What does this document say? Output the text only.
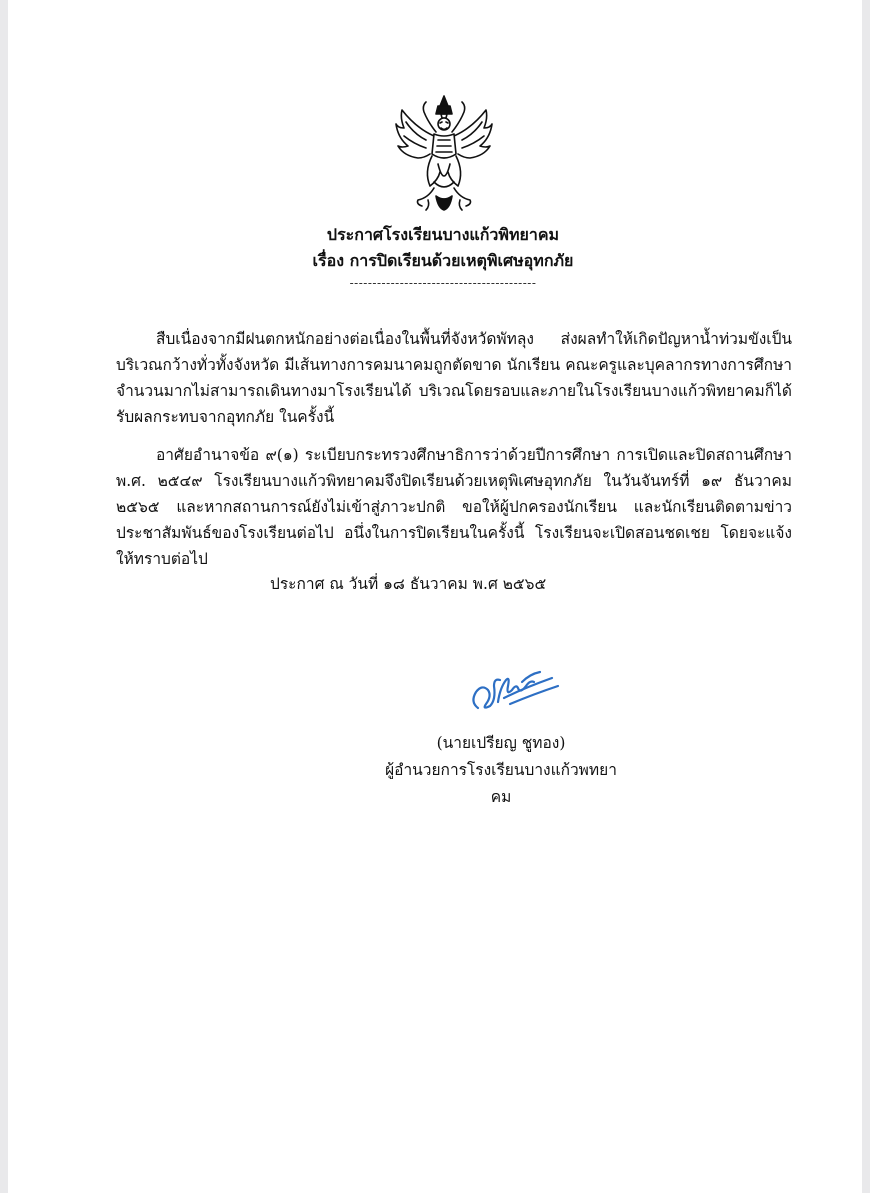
ประกาศโรงเรียนบางแก้วพิทยาคม
เรื่อง การปิดเรียนด้วยเหตุพิเศษอุทกภัย
-----------------------------------------

สืบเนื่องจากมีฝนตกหนักอย่างต่อเนื่องในพื้นที่จังหวัดพัทลุง ส่งผลทำให้เกิดปัญหาน้ำท่วมขังเป็นบริเวณกว้างทั่วทั้งจังหวัด มีเส้นทางการคมนาคมถูกตัดขาด นักเรียน คณะครูและบุคลากรทางการศึกษาจำนวนมากไม่สามารถเดินทางมาโรงเรียนได้ บริเวณโดยรอบและภายในโรงเรียนบางแก้วพิทยาคมก็ได้รับผลกระทบจากอุทกภัย ในครั้งนี้

อาศัยอำนาจข้อ ๙(๑) ระเบียบกระทรวงศึกษาธิการว่าด้วยปีการศึกษา การเปิดและปิดสถานศึกษา พ.ศ. ๒๕๔๙ โรงเรียนบางแก้วพิทยาคมจึงปิดเรียนด้วยเหตุพิเศษอุทกภัย ในวันจันทร์ที่ ๑๙ ธันวาคม ๒๕๖๕ และหากสถานการณ์ยังไม่เข้าสู่ภาวะปกติ ขอให้ผู้ปกครองนักเรียน และนักเรียนติดตามข่าวประชาสัมพันธ์ของโรงเรียนต่อไป อนึ่งในการปิดเรียนในครั้งนี้ โรงเรียนจะเปิดสอนชดเชย โดยจะแจ้งให้ทราบต่อไป

ประกาศ ณ วันที่ ๑๘ ธันวาคม พ.ศ ๒๕๖๕
(นายเปรียญ ชูทอง)
ผู้อำนวยการโรงเรียนบางแก้วพทยาคม
